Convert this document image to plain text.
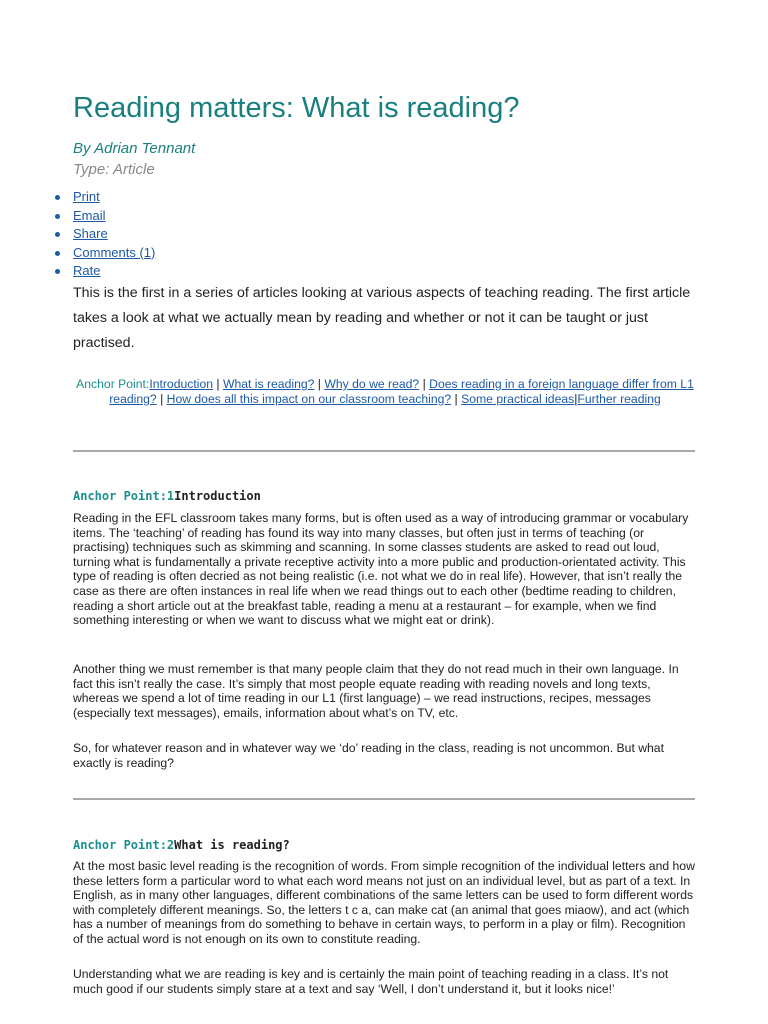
Reading matters: What is reading?
By Adrian Tennant
Type: Article
Print
Email
Share
Comments (1)
Rate

This is the first in a series of articles looking at various aspects of teaching reading. The first article takes a look at what we actually mean by reading and whether or not it can be taught or just practised.

Anchor Point:Introduction | What is reading? | Why do we read? | Does reading in a foreign language differ from L1 reading? | How does all this impact on our classroom teaching? | Some practical ideas|Further reading
Anchor Point:1Introduction

Reading in the EFL classroom takes many forms, but is often used as a way of introducing grammar or vocabulary items. The ‘teaching’ of reading has found its way into many classes, but often just in terms of teaching (or practising) techniques such as skimming and scanning. In some classes students are asked to read out loud, turning what is fundamentally a private receptive activity into a more public and production-orientated activity. This type of reading is often decried as not being realistic (i.e. not what we do in real life). However, that isn’t really the case as there are often instances in real life when we read things out to each other (bedtime reading to children, reading a short article out at the breakfast table, reading a menu at a restaurant – for example, when we find something interesting or when we want to discuss what we might eat or drink).

Another thing we must remember is that many people claim that they do not read much in their own language. In fact this isn’t really the case. It’s simply that most people equate reading with reading novels and long texts, whereas we spend a lot of time reading in our L1 (first language) – we read instructions, recipes, messages (especially text messages), emails, information about what’s on TV, etc.

So, for whatever reason and in whatever way we ‘do’ reading in the class, reading is not uncommon. But what exactly is reading?

Anchor Point:2What is reading?

At the most basic level reading is the recognition of words. From simple recognition of the individual letters and how these letters form a particular word to what each word means not just on an individual level, but as part of a text. In English, as in many other languages, different combinations of the same letters can be used to form different words with completely different meanings. So, the letters t c a, can make cat (an animal that goes miaow), and act (which has a number of meanings from do something to behave in certain ways, to perform in a play or film). Recognition of the actual word is not enough on its own to constitute reading.

Understanding what we are reading is key and is certainly the main point of teaching reading in a class. It’s not much good if our students simply stare at a text and say ‘Well, I don’t understand it, but it looks nice!’
